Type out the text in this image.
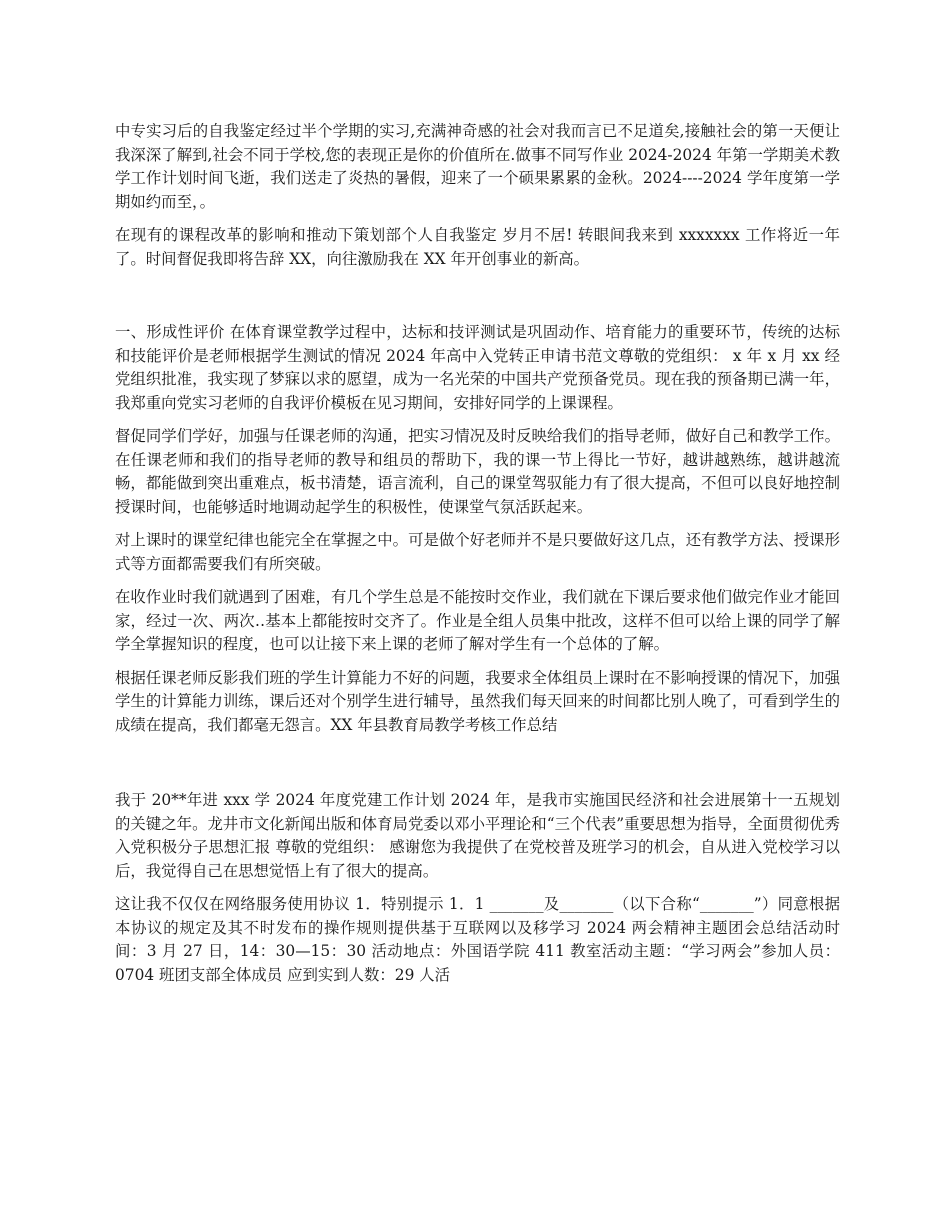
中专实习后的自我鉴定经过半个学期的实习,充满神奇感的社会对我而言已不足道矣,接触社会的第一天便让我深深了解到,社会不同于学校,您的表现正是你的价值所在.做事不同写作业 2024-2024 年第一学期美术教学工作计划时间飞逝，我们送走了炎热的暑假，迎来了一个硕果累累的金秋。2024----2024 学年度第一学期如约而至，。

在现有的课程改革的影响和推动下策划部个人自我鉴定 岁月不居! 转眼间我来到 xxxxxxx 工作将近一年了。时间督促我即将告辞 XX，向往激励我在 XX 年开创事业的新高。

一、形成性评价 在体育课堂教学过程中，达标和技评测试是巩固动作、培育能力的重要环节，传统的达标和技能评价是老师根据学生测试的情况 2024 年高中入党转正申请书范文尊敬的党组织： x 年 x 月 xx 经党组织批准，我实现了梦寐以求的愿望，成为一名光荣的中国共产党预备党员。现在我的预备期已满一年，我郑重向党实习老师的自我评价模板在见习期间，安排好同学的上课课程。

督促同学们学好，加强与任课老师的沟通，把实习情况及时反映给我们的指导老师，做好自己和教学工作。在任课老师和我们的指导老师的教导和组员的帮助下，我的课一节上得比一节好，越讲越熟练，越讲越流畅，都能做到突出重难点，板书清楚，语言流利，自己的课堂驾驭能力有了很大提高，不但可以良好地控制授课时间，也能够适时地调动起学生的积极性，使课堂气氛活跃起来。

对上课时的课堂纪律也能完全在掌握之中。可是做个好老师并不是只要做好这几点，还有教学方法、授课形式等方面都需要我们有所突破。

在收作业时我们就遇到了困难，有几个学生总是不能按时交作业，我们就在下课后要求他们做完作业才能回家，经过一次、两次‥基本上都能按时交齐了。作业是全组人员集中批改，这样不但可以给上课的同学了解学全掌握知识的程度，也可以让接下来上课的老师了解对学生有一个总体的了解。

根据任课老师反影我们班的学生计算能力不好的问题，我要求全体组员上课时在不影响授课的情况下，加强学生的计算能力训练，课后还对个别学生进行辅导，虽然我们每天回来的时间都比别人晚了，可看到学生的成绩在提高，我们都毫无怨言。XX 年县教育局教学考核工作总结

我于 20**年进 xxx 学 2024 年度党建工作计划 2024 年，是我市实施国民经济和社会进展第十一五规划的关键之年。龙井市文化新闻出版和体育局党委以邓小平理论和“三个代表”重要思想为指导，全面贯彻优秀入党积极分子思想汇报 尊敬的党组织： 感谢您为我提供了在党校普及班学习的机会，自从进入党校学习以后，我觉得自己在思想觉悟上有了很大的提高。

这让我不仅仅在网络服务使用协议 1．特别提示 1．1 _______及_______（以下合称“_______”）同意根据本协议的规定及其不时发布的操作规则提供基于互联网以及移学习 2024 两会精神主题团会总结活动时间：3 月 27 日，14：30—15：30 活动地点：外国语学院 411 教室活动主题：“学习两会”参加人员：0704 班团支部全体成员 应到实到人数：29 人活
